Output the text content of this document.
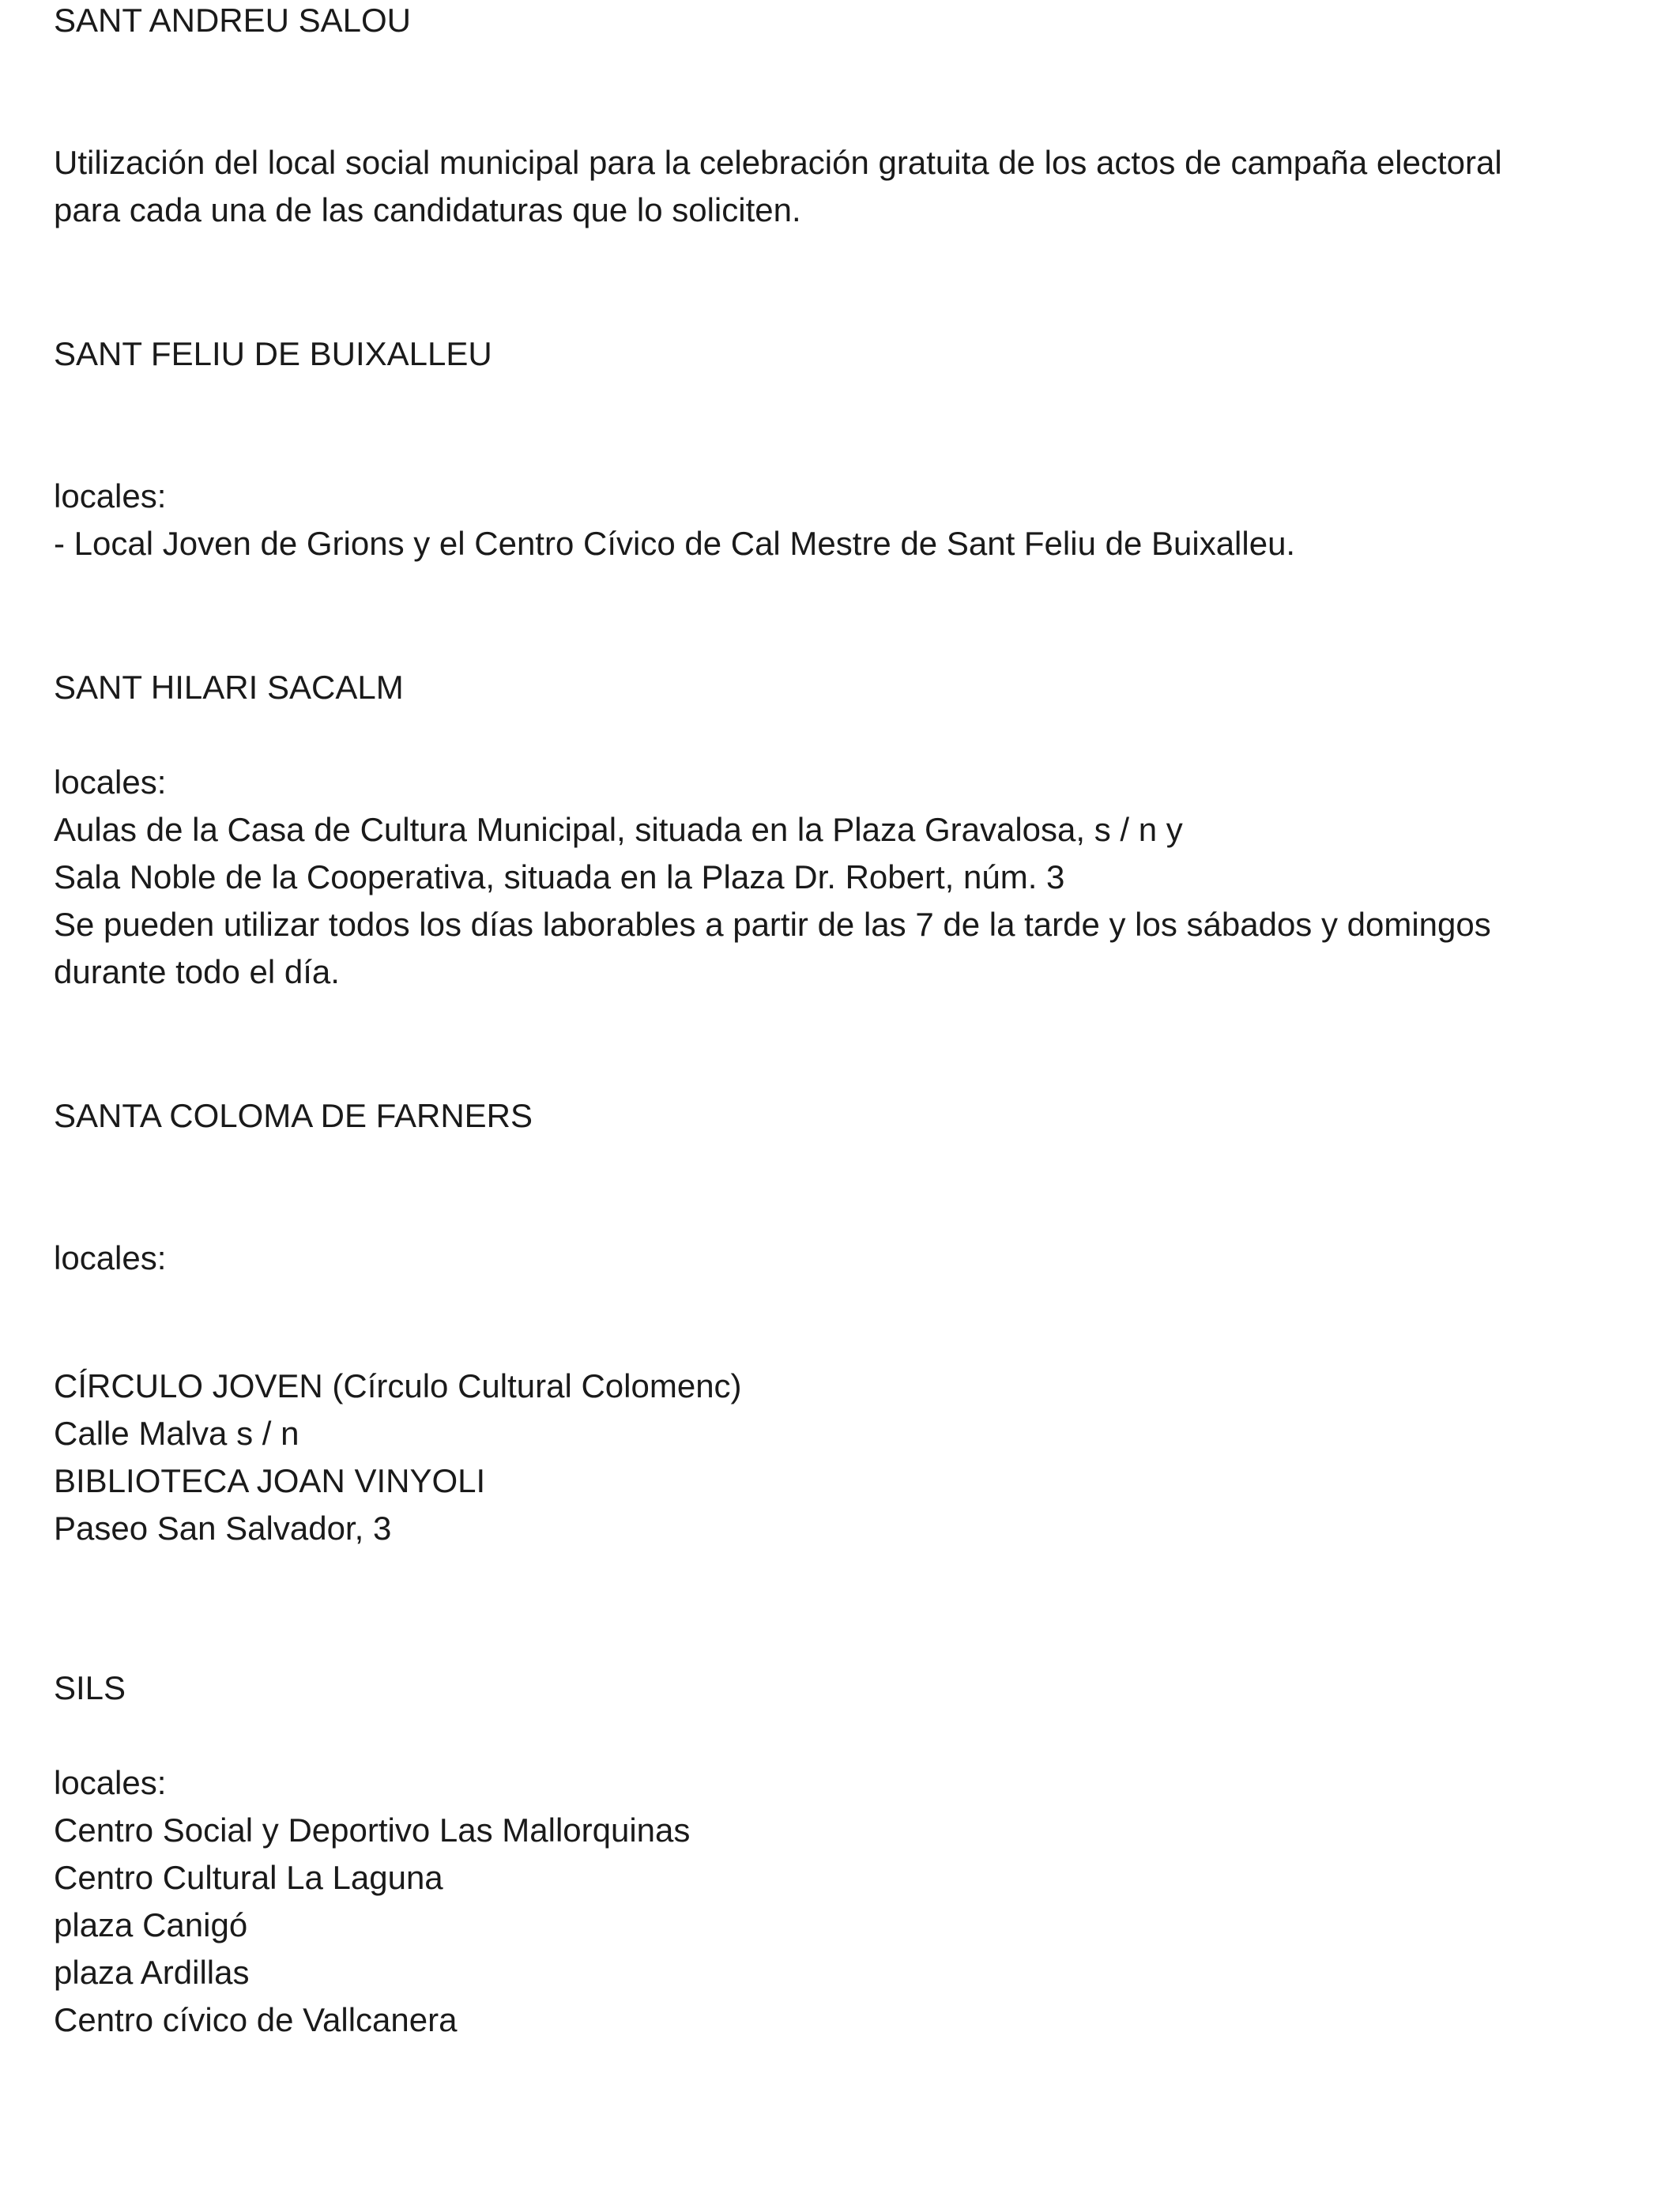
SANT ANDREU SALOU
Utilización del local social municipal para la celebración gratuita de los actos de campaña electoral
para cada una de las candidaturas que lo soliciten.
SANT FELIU DE BUIXALLEU
locales:
- Local Joven de Grions y el Centro Cívico de Cal Mestre de Sant Feliu de Buixalleu.
SANT HILARI SACALM
locales:
Aulas de la Casa de Cultura Municipal, situada en la Plaza Gravalosa, s / n y
Sala Noble de la Cooperativa, situada en la Plaza Dr. Robert, núm. 3
Se pueden utilizar todos los días laborables a partir de las 7 de la tarde y los sábados y domingos
durante todo el día.
SANTA COLOMA DE FARNERS
locales:
CÍRCULO JOVEN (Círculo Cultural Colomenc)
Calle Malva s / n
BIBLIOTECA JOAN VINYOLI
Paseo San Salvador, 3
SILS
locales:
Centro Social y Deportivo Las Mallorquinas
Centro Cultural La Laguna
plaza Canigó
plaza Ardillas
Centro cívico de Vallcanera
